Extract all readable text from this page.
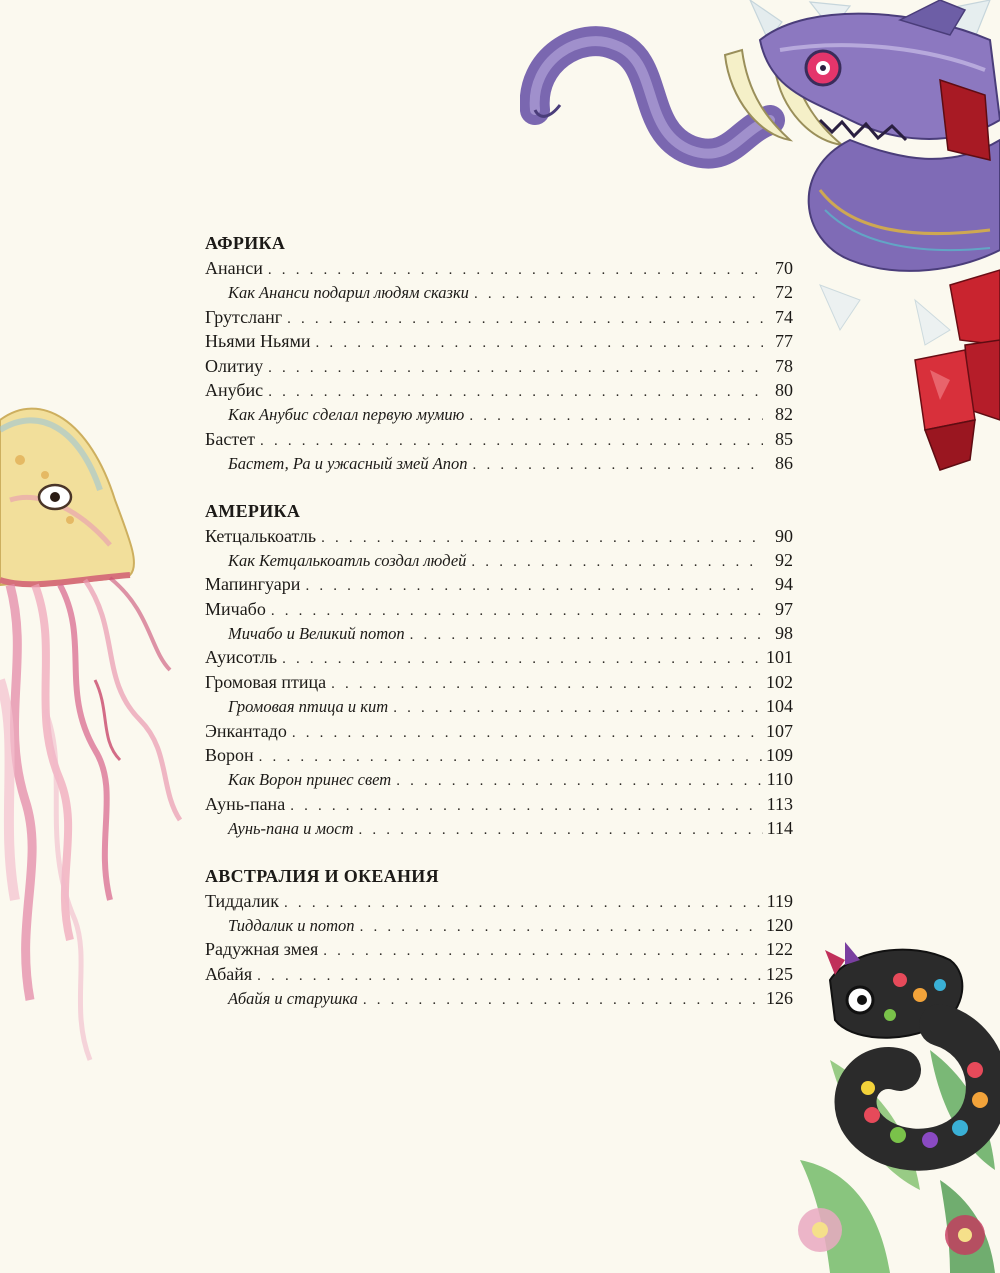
АФРИКА
Ананси . . .	70
Как Ананси подарил людям сказки . . .	72
Грутсланг . . .	74
Ньями Ньями . . .	77
Олитиу . . .	78
Анубис . . .	80
Как Анубис сделал первую мумию . . .	82
Бастет . . .	85
Бастет, Ра и ужасный змей Апоп . . .	86
АМЕРИКА
Кетцалькоатль . . .	90
Как Кетцалькоатль создал людей . . .	92
Мапингуари . . .	94
Мичабо . . .	97
Мичабо и Великий потоп . . .	98
Ауисотль . . .	101
Громовая птица . . .	102
Громовая птица и кит . . .	104
Энкантадо . . .	107
Ворон . . .	109
Как Ворон принес свет . . .	110
Аунь-пана . . .	113
Аунь-пана и мост . . .	114
АВСТРАЛИЯ И ОКЕАНИЯ
Тиддалик . . .	119
Тиддалик и потоп . . .	120
Радужная змея . . .	122
Абайя . . .	125
Абайя и старушка . . .	126
